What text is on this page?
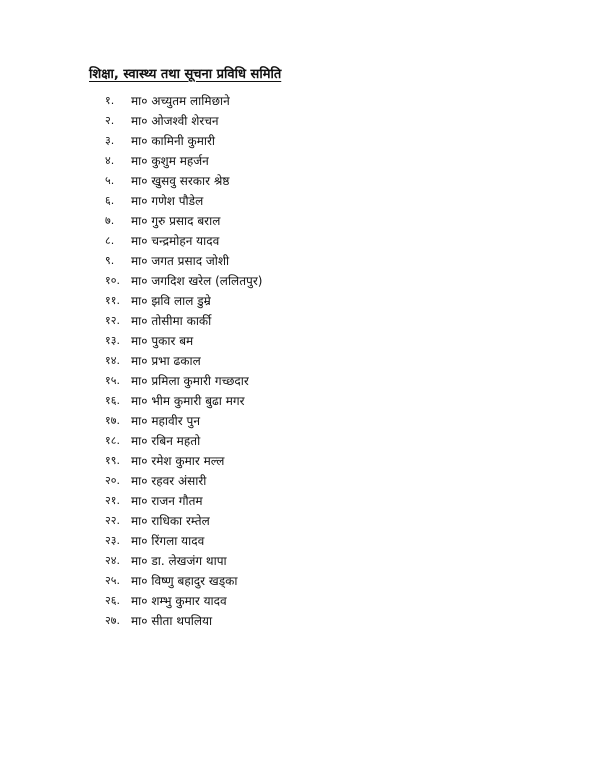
शिक्षा, स्वास्थ्य तथा सूचना प्रविधि समिति
१. मा० अच्युतम लामिछाने
२. मा० ओजश्वी शेरचन
३. मा० कामिनी कुमारी
४. मा० कुशुम महर्जन
५. मा० खुसवु सरकार श्रेष्ठ
६. मा० गणेश पौडेल
७. मा० गुरु प्रसाद बराल
८. मा० चन्द्रमोहन यादव
९. मा० जगत प्रसाद जोशी
१०. मा० जगदिश खरेल (ललितपुर)
११. मा० झवि लाल डुम्रे
१२. मा० तोसीमा कार्की
१३. मा० पुकार बम
१४. मा० प्रभा ढकाल
१५. मा० प्रमिला कुमारी गच्छदार
१६. मा० भीम कुमारी बुढा मगर
१७. मा० महावीर पुन
१८. मा० रबिन महतो
१९. मा० रमेश कुमार मल्ल
२०. मा० रहवर अंसारी
२१. मा० राजन गौतम
२२. मा० राधिका रम्तेल
२३. मा० रिंगला यादव
२४. मा० डा. लेखजंग थापा
२५. मा० विष्णु बहादुर खड्का
२६. मा० शम्भु कुमार यादव
२७. मा० सीता थपलिया
